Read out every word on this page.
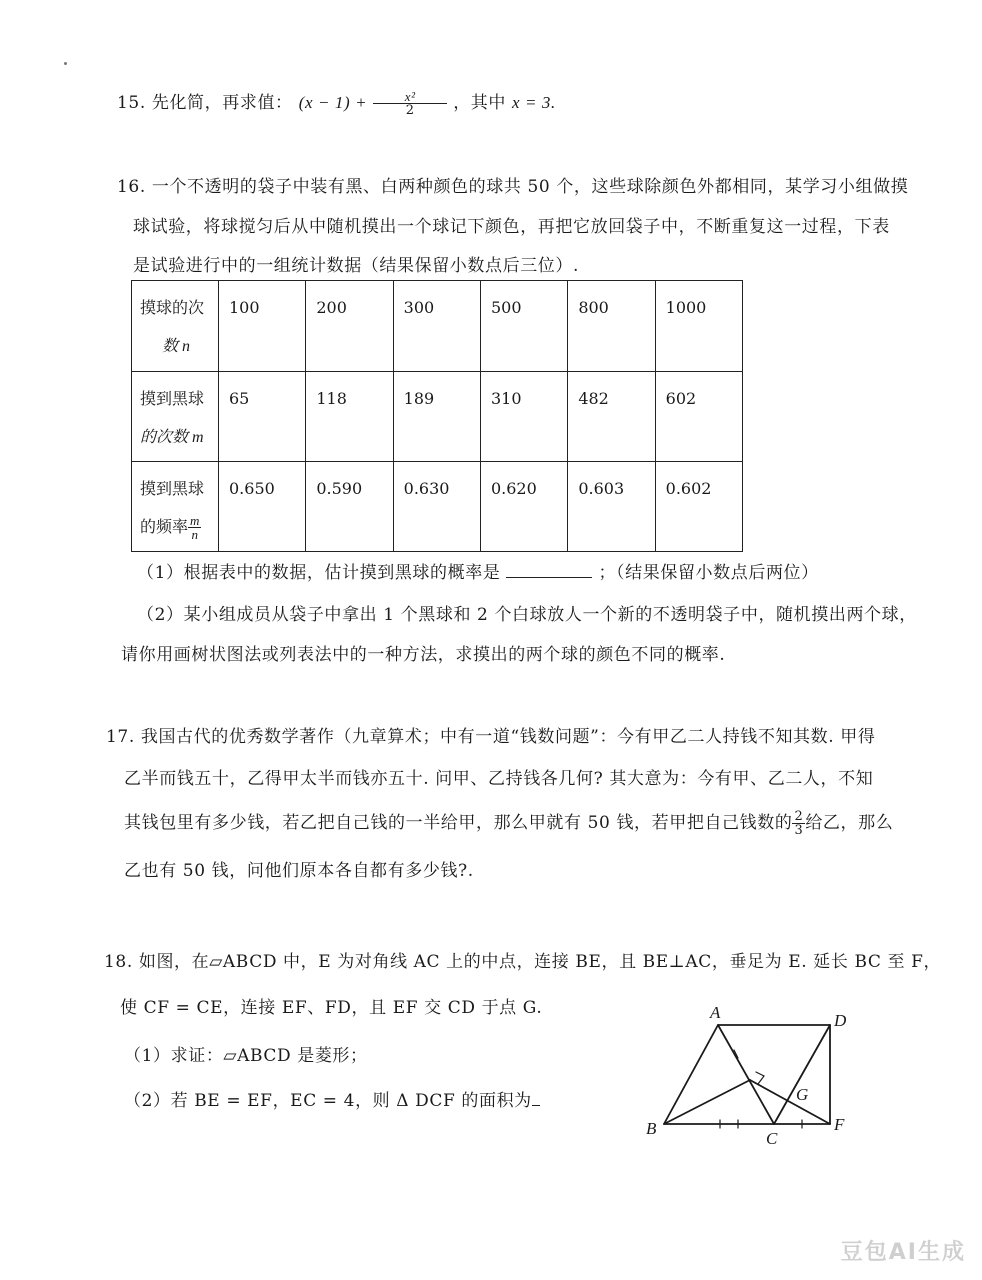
15. 先化简，再求值： $(x - 1) + \frac{\text{x²}}{2}$ ，其中 x = 3.
16. 一个不透明的袋子中装有黑、白两种颜色的球共 50 个，这些球除颜色外都相同，某学习小组做摸
球试验，将球搅匀后从中随机摸出一个球记下颜色，再把它放回袋子中，不断重复这一过程，下表
是试验进行中的一组统计数据（结果保留小数点后三位）.
摸球的次
数 n	100	200	300	500	800	1000
摸到黑球
的次数 m	65	118	189	310	482	602
摸到黑球
的频率 $\frac{m}{n}$	0.650	0.590	0.630	0.620	0.603	0.602
（1）根据表中的数据，估计摸到黑球的概率是	；（结果保留小数点后两位）
（2）某小组成员从袋子中拿出 1 个黑球和 2 个白球放人一个新的不透明袋子中，随机摸出两个球，
请你用画树状图法或列表法中的一种方法，求摸出的两个球的颜色不同的概率.
17. 我国古代的优秀数学著作（九章算术；中有一道“钱数问题”：今有甲乙二人持钱不知其数. 甲得
乙半而钱五十，乙得甲太半而钱亦五十. 问甲、乙持钱各几何? 其大意为：今有甲、乙二人，不知
其钱包里有多少钱，若乙把自己钱的一半给甲，那么甲就有 50 钱，若甲把自己钱数的 $\frac{2}{3}$ 给乙，那么
乙也有 50 钱，问他们原本各自都有多少钱?.
18. 如图，在▱ABCD 中，E 为对角线 AC 上的中点，连接 BE，且 BE⊥AC，垂足为 E. 延长 BC 至 F，
使 CF = CE，连接 EF、FD，且 EF 交 CD 于点 G.
（1）求证：▱ABCD 是菱形；
（2）若 BE = EF，EC = 4，则 Δ DCF 的面积为
A
B
C
D
F
G
豆包AI生成
